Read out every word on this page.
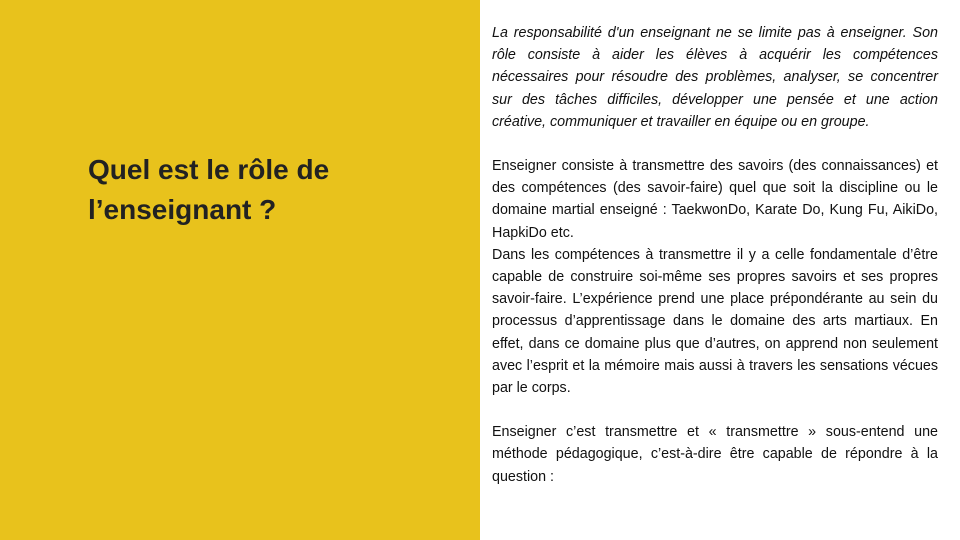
Quel est le rôle de
l’enseignant ?

La responsabilité d'un enseignant ne se limite pas à enseigner. Son rôle consiste à aider les élèves à acquérir les compétences nécessaires pour résoudre des problèmes, analyser, se concentrer sur des tâches difficiles, développer une pensée et une action créative, communiquer et travailler en équipe ou en groupe.

Enseigner consiste à transmettre des savoirs (des connaissances) et des compétences (des savoir-faire) quel que soit la discipline ou le domaine martial enseigné : TaekwonDo, Karate Do, Kung Fu, AikiDo, HapkiDo etc.

Dans les compétences à transmettre il y a celle fondamentale d’être capable de construire soi-même ses propres savoirs et ses propres savoir-faire. L’expérience prend une place prépondérante au sein du processus d’apprentissage dans le domaine des arts martiaux. En effet, dans ce domaine plus que d’autres, on apprend non seulement avec l’esprit et la mémoire mais aussi à travers les sensations vécues par le corps.

Enseigner c’est transmettre et « transmettre » sous-entend une méthode pédagogique, c’est-à-dire être capable de répondre à la question :
